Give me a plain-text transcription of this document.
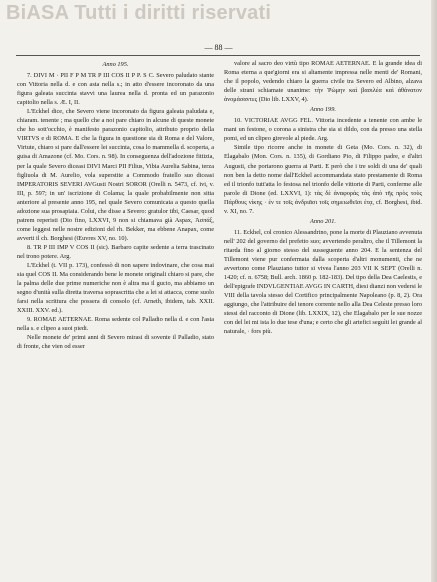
BiASA Tutti i diritti riservati
— 88 —

Anno 195.

7. DIVI M · PII F P M TR P III COS II P P. S C. Severo paludato stante con Vittoria nella d. e con asta nella s.; in atto d'essere incoronato da una figura galeata succinta stavvi una laurea nella d. pronta ed un parazonio capitolio nella s. Æ. I, II.

L'Eckhel dice, che Severo viene incoronato da figura galeata paludata e, chiaram. tenente ; ma quello che a noi pare chiaro in alcune di queste monete che ho sott'occhio, è manifesto parazonio capitolio, attributo proprio della VIRTVS e di ROMA. E che la figura in questione sia di Roma e del Valore, Virtute, chiaro si pare dall'essere lei succinta, cosa lo mammella d. scoperta, a guisa di Amazone (cf. Mo. Cors. n. 98). In conseguenza dell'adozione fittizia, per la quale Severo diceasi DIVI Marci PII Filius, Vibia Aurelia Sabina, terza figliuola di M. Aurelio, vola superstite a Commodo fratello suo diceasi IMPERATORIS SEVERI AVGusti Nostri SOROR (Orelli n. 5473, cf. ivi, v. III, p. 597; in un' iscrizione di Colama; la quale probabilmente non sitta anteriore al presente anno 195, nel quale Severo comunicata a questo quella adozione sua prosapiaia. Colui, che disse a Severo: gratulor tibi, Caesar, quod patrem reperisti (Dio fino, LXXVI, 9 non si chiamava già Aspax, Ἀσπάξ, come leggesi nelle nostre edizioni del rh. Bekker, ma ebbene Anapax, come avverti il ch. Borghesi (Œuvres XV, no. 10).

8. TR P III IMP V COS II (sic). Barbaro capite sedente a terra trascinato nel trono potere. Arg.

L'Eckhel (t. VII p. 173), confessò di non sapere indovinare, che cosa mai sia quel COS II. Ma considerando bene le monete originali chiaro si pare, che la palma delle due prime numeriche non è altra ma il gucio, ma abbiamo un segno d'unità sulla diretta traversa soprascritta che a lei si attacca, come suolo farsi nella scrittura che possera di consolo (cf. Arneth, ibidem, tab. XXII. XXIII. XXV. ed.).

9. ROMAE AETERNAE. Roma sedente col Palladio nella d. e con l'asta nella s. e clipeo a suoi piedi.

Nelle monete de' primi anni di Severo mirasi di sovente il Palladio, stato di fronte, che vien od esser

valore al sacro deo virtù tipo ROMAE AETERNAE. E la grande idea di Roma eterna a que'giorni era si altamente impressa nelle menti de' Romani, che il popolo, vedendo chiaro la guerra civile tra Severo ed Albino, alzava delle strani schiamate unanime: τὴν Ῥώμην καὶ βασιλέα καὶ ἀθάνατον ἀνομάσαντες (Dio lib. LXXV, 4).

Anno 199.

10. VICTORIAE AVGG FEL. Vittoria incedente a tenente con ambe le mani un festone, o corona a sinistra che sia si dildo, con da presso una stella pomi, ed un clipeo girevole al piede. Arg.

Simile tipo ricorre anche in monete di Geta (Mo. Cors. n. 32), di Elagabalo (Mon. Cors. n. 135), di Gordiano Pio, di Filippo padre, e d'altri Augusti, che portarono guerra ai Parti. E però che i tre soldi di una de' quali non ben la detto nome dall'Eckhel accommandata stato prestamente di Roma ed il trionfo tutt'atta lo festosa nel trionfo delle vittorie di Parti, conferme alle parole di Dione (ed. LXXVI, 1): τὰς δὲ ἀναφορὰς τὰς ἀπὸ τῆς πρὸς τοὺς Πάρθους νίκης · ἐν τε τοῖς ἀνδριᾶσι τοῖς σημειωθεῖσι ἐτᾳ, cf. Borghesi, ibid. v. XI, no. 7.

Anno 201.

11. Eckhel, col cronico Alessandrino, pone la morte di Plauziano avvenuta nell' 202 del governo del prefetto suo; avvertendo peraltro, che il Tillemont la ritarda fino al giorno stesso del susseguente anno 204. E la sentenza del Tillemont viene pur confermata dalla scoperta d'altri monumenti, che ne avvertono come Plauziano tuttor si vivea l'anno 203 VII K SEPT (Orelli n. 1420; cf. n. 6758; Bull. arch. 1860 p. 182-183). Del tipo della Dea Caelestis, e dell'epigrafe INDVLGENTIAE AVGG IN CARTH, diesi dianzi non vedersi le VIII della tavola stesso del Cortifico principalmente Napoleano (p. 8, 2). Ora aggiungo, che l'attribuire del tenore corrente nello alla Dea Celeste presso loro stessi del racconto di Dione (lib. LXXIX, 12), che Elagabalo per le sue nozze con del lei mi ista lo due tese d'una; e certo che gli artefici seguìti lei grande al naturale, · fors più.
